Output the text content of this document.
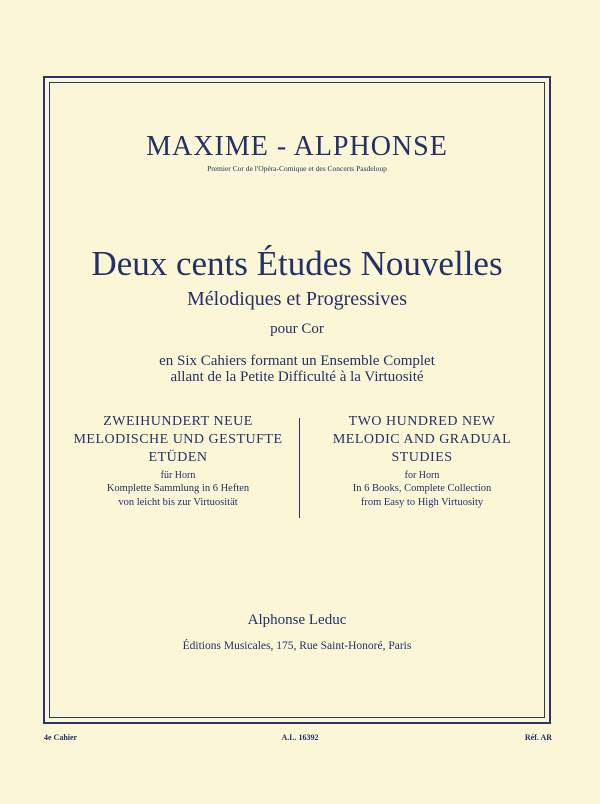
MAXIME - ALPHONSE
Premier Cor de l'Opéra-Comique et des Concerts Pasdeloup
Deux cents Études Nouvelles
Mélodiques et Progressives
pour Cor
en Six Cahiers formant un Ensemble Complet
allant de la Petite Difficulté à la Virtuosité
ZWEIHUNDERT NEUE
MELODISCHE UND GESTUFTE
ETÜDEN
für Horn
Komplette Sammlung in 6 Heften
von leicht bis zur Virtuosität
TWO HUNDRED NEW
MELODIC AND GRADUAL
STUDIES
for Horn
In 6 Books, Complete Collection
from Easy to High Virtuosity
Alphonse Leduc
Éditions Musicales, 175, Rue Saint-Honoré, Paris
4e Cahier	A.L. 16392	Réf. AR
